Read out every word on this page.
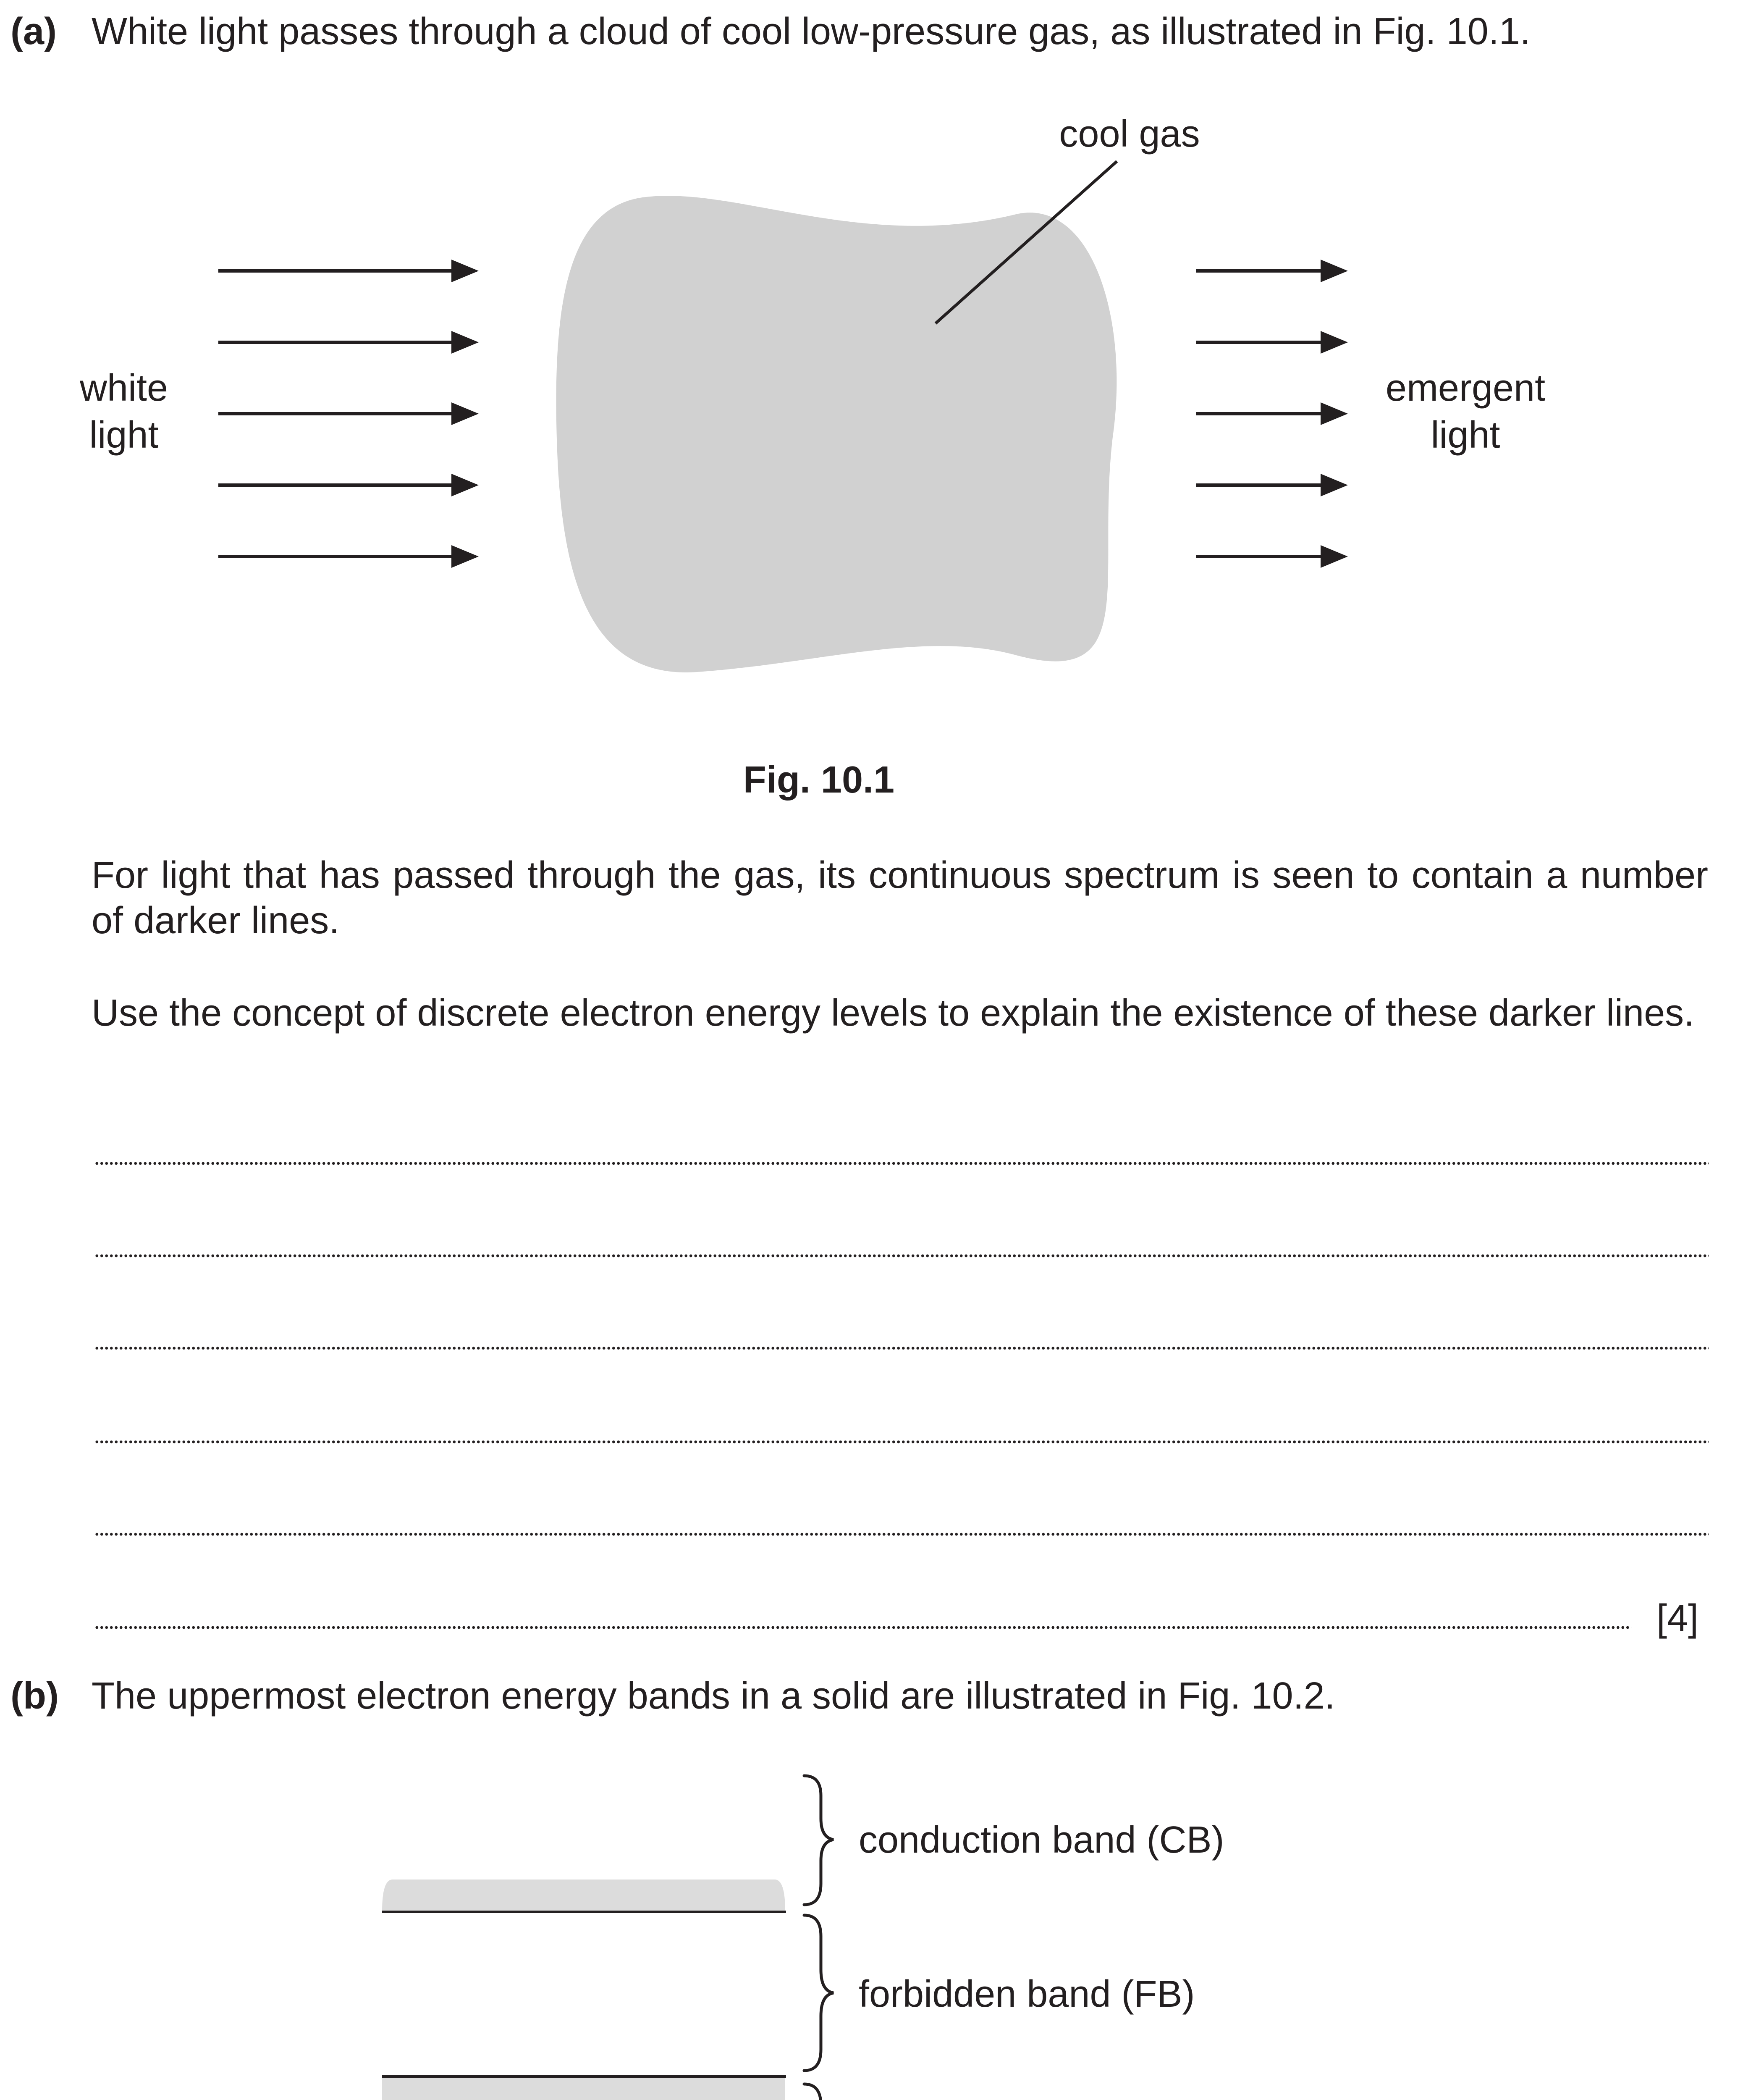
(a) White light passes through a cloud of cool low-pressure gas, as illustrated in Fig. 10.1.
cool gas
white
light
emergent
light
Fig. 10.1
For light that has passed through the gas, its continuous spectrum is seen to contain a number of darker lines.
Use the concept of discrete electron energy levels to explain the existence of these darker lines.
[4]
(b) The uppermost electron energy bands in a solid are illustrated in Fig. 10.2.
conduction band (CB)
forbidden band (FB)
